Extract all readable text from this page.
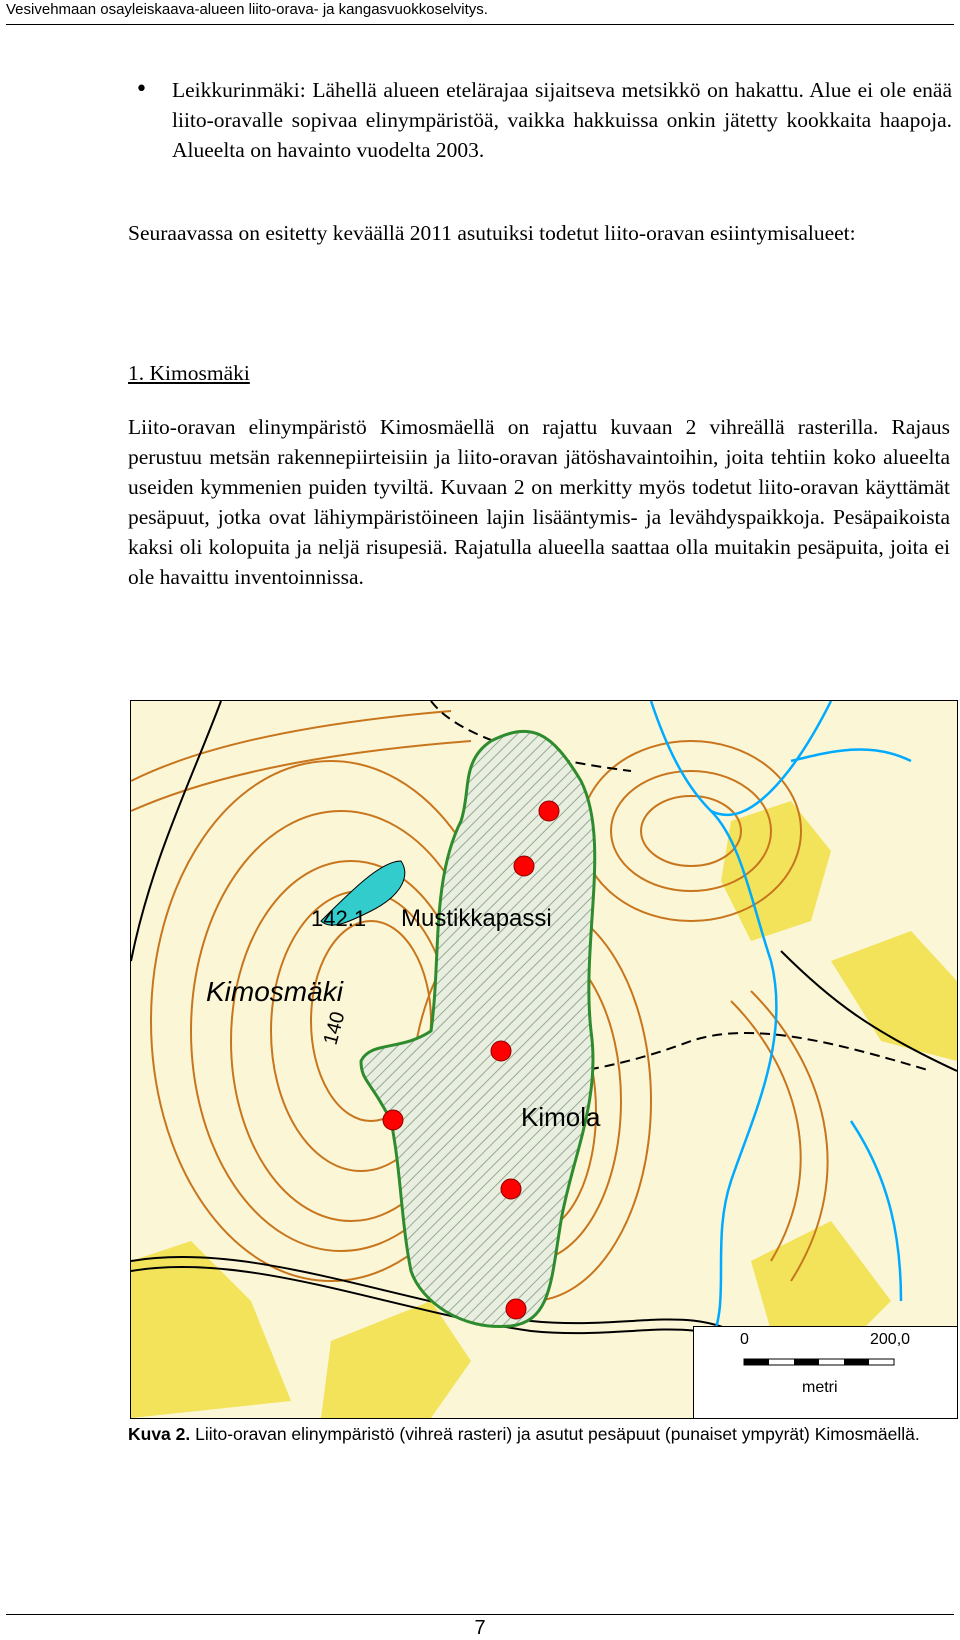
Vesivehmaan osayleiskaava-alueen liito-orava- ja kangasvuokkoselvitys.
• Leikkurinmäki: Lähellä alueen etelärajaa sijaitseva metsikkö on hakattu. Alue ei ole enää liito-oravalle sopivaa elinympäristöä, vaikka hakkuissa onkin jätetty kookkaita haapoja. Alueelta on havainto vuodelta 2003.
Seuraavassa on esitetty keväällä 2011 asutuiksi todetut liito-oravan esiintymisalueet:
1. Kimosmäki
Liito-oravan elinympäristö Kimosmäellä on rajattu kuvaan 2 vihreällä rasterilla. Rajaus perustuu metsän rakennepiirteisiin ja liito-oravan jätöshavaintoihin, joita tehtiin koko alueelta useiden kymmenien puiden tyviltä. Kuvaan 2 on merkitty myös todetut liito-oravan käyttämät pesäpuut, jotka ovat lähiympäristöineen lajin lisääntymis- ja levähdyspaikkoja. Pesäpaikoista kaksi oli kolopuita ja neljä risupesiä. Rajatulla alueella saattaa olla muitakin pesäpuita, joita ei ole havaittu inventoinnissa.
Kimosmäki
Mustikkapassi
142.1
140
Kimola
0	200,0
metri
Kuva 2. Liito-oravan elinympäristö (vihreä rasteri) ja asutut pesäpuut (punaiset ympyrät) Kimosmäellä.
7
